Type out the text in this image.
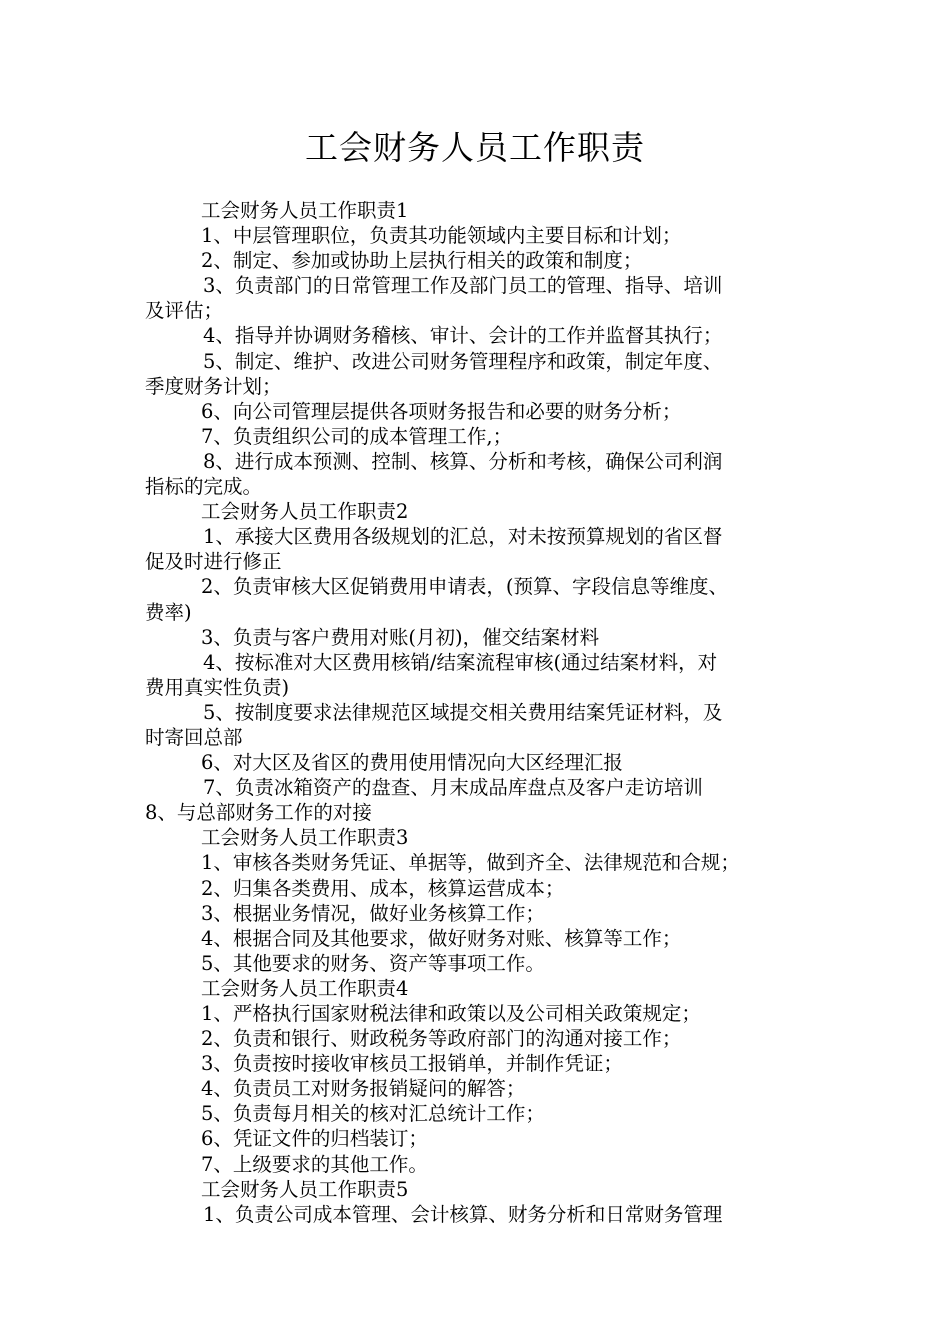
工会财务人员工作职责
工会财务人员工作职责1
1、中层管理职位，负责其功能领域内主要目标和计划；
2、制定、参加或协助上层执行相关的政策和制度；
3、负责部门的日常管理工作及部门员工的管理、指导、培训
及评估；
4、指导并协调财务稽核、审计、会计的工作并监督其执行；
5、制定、维护、改进公司财务管理程序和政策，制定年度、
季度财务计划；
6、向公司管理层提供各项财务报告和必要的财务分析；
7、负责组织公司的成本管理工作,；
8、进行成本预测、控制、核算、分析和考核，确保公司利润
指标的完成。
工会财务人员工作职责2
1、承接大区费用各级规划的汇总，对未按预算规划的省区督
促及时进行修正
2、负责审核大区促销费用申请表，(预算、字段信息等维度、
费率)
3、负责与客户费用对账(月初)，催交结案材料
4、按标准对大区费用核销/结案流程审核(通过结案材料，对
费用真实性负责)
5、按制度要求法律规范区域提交相关费用结案凭证材料，及
时寄回总部
6、对大区及省区的费用使用情况向大区经理汇报
7、负责冰箱资产的盘查、月末成品库盘点及客户走访培训
8、与总部财务工作的对接
工会财务人员工作职责3
1、审核各类财务凭证、单据等，做到齐全、法律规范和合规；
2、归集各类费用、成本，核算运营成本；
3、根据业务情况，做好业务核算工作；
4、根据合同及其他要求，做好财务对账、核算等工作；
5、其他要求的财务、资产等事项工作。
工会财务人员工作职责4
1、严格执行国家财税法律和政策以及公司相关政策规定；
2、负责和银行、财政税务等政府部门的沟通对接工作；
3、负责按时接收审核员工报销单，并制作凭证；
4、负责员工对财务报销疑问的解答；
5、负责每月相关的核对汇总统计工作；
6、凭证文件的归档装订；
7、上级要求的其他工作。
工会财务人员工作职责5
1、负责公司成本管理、会计核算、财务分析和日常财务管理
